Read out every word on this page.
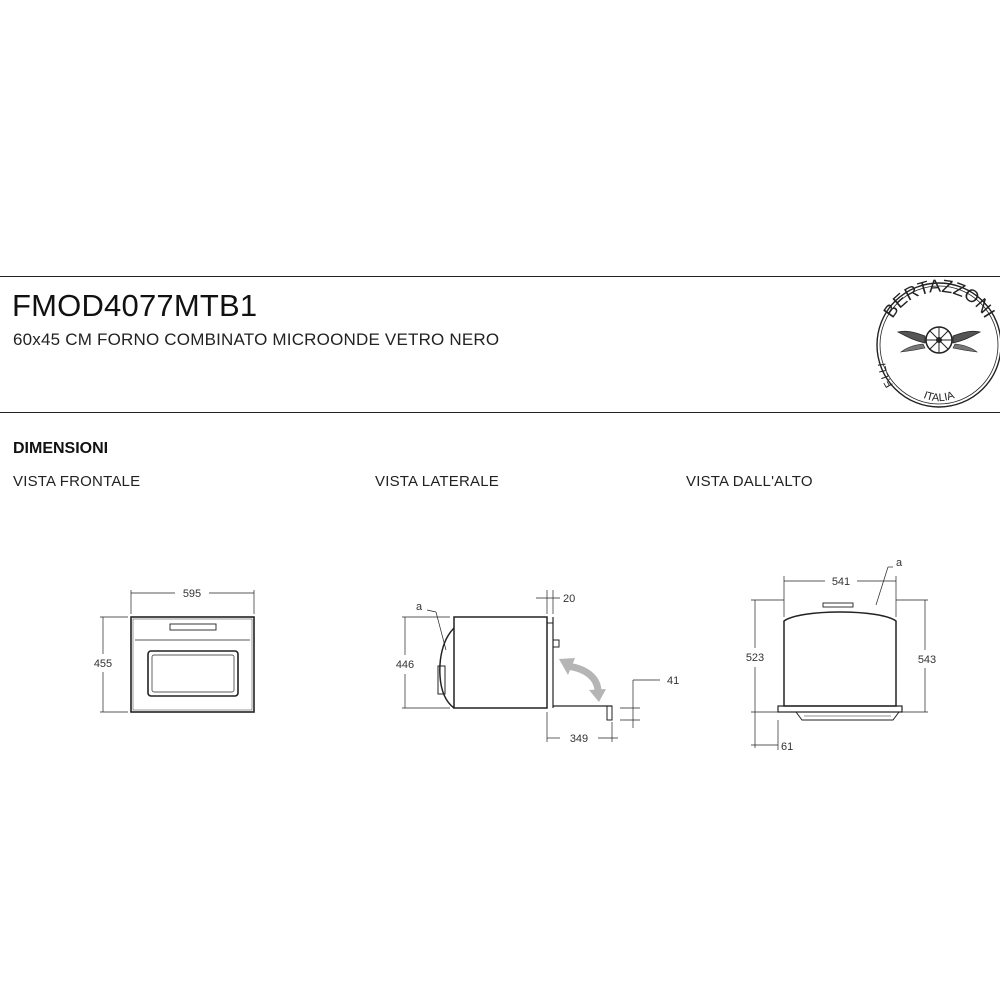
FMOD4077MTB1
60x45 CM FORNO COMBINATO MICROONDE VETRO NERO
DIMENSIONI
VISTA FRONTALE	VISTA LATERALE	VISTA DALL'ALTO
BERTAZZONI
F.LLI
ITALIA
595
455
a
446
20
41
349
a
541
523	543
61
